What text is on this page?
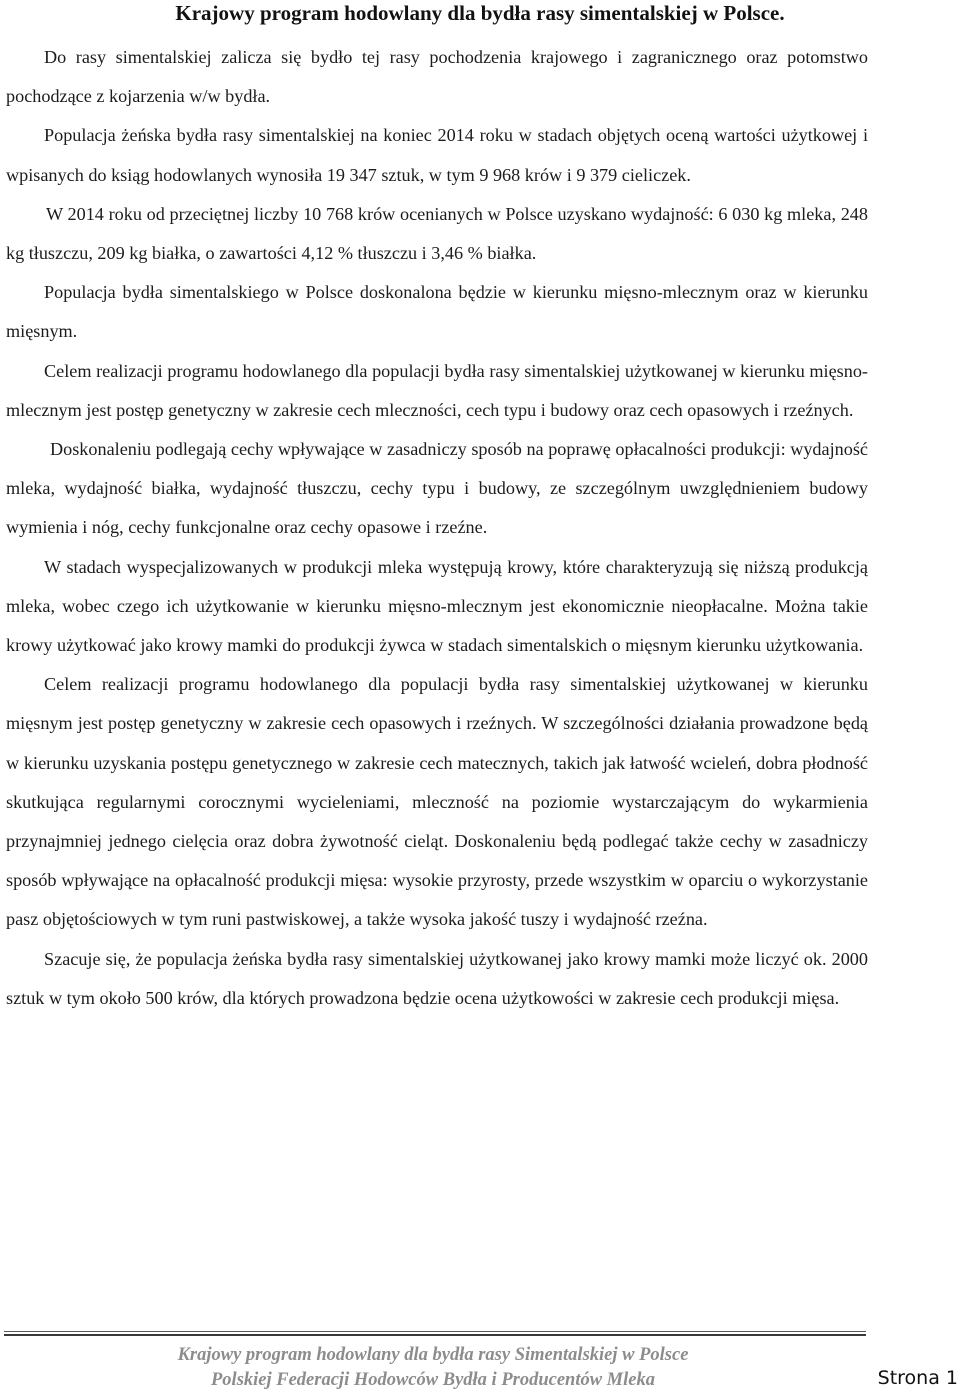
Krajowy program hodowlany dla bydła rasy simentalskiej w Polsce.

Do rasy simentalskiej zalicza się bydło tej rasy pochodzenia krajowego i zagranicznego oraz potomstwo pochodzące z kojarzenia w/w bydła.

Populacja żeńska bydła rasy simentalskiej na koniec 2014 roku w stadach objętych oceną wartości użytkowej i wpisanych do ksiąg hodowlanych wynosiła 19 347 sztuk, w tym 9 968 krów i 9 379 cieliczek.

W 2014 roku od przeciętnej liczby 10 768 krów ocenianych w Polsce uzyskano wydajność: 6 030 kg mleka, 248 kg tłuszczu, 209 kg białka, o zawartości 4,12 % tłuszczu i 3,46 % białka.

Populacja bydła simentalskiego w Polsce doskonalona będzie w kierunku mięsno-mlecznym oraz w kierunku mięsnym.

Celem realizacji programu hodowlanego dla populacji bydła rasy simentalskiej użytkowanej w kierunku mięsno-mlecznym jest postęp genetyczny w zakresie cech mleczności, cech typu i budowy oraz cech opasowych i rzeźnych.

Doskonaleniu podlegają cechy wpływające w zasadniczy sposób na poprawę opłacalności produkcji: wydajność mleka, wydajność białka, wydajność tłuszczu, cechy typu i budowy, ze szczególnym uwzględnieniem budowy wymienia i nóg, cechy funkcjonalne oraz cechy opasowe i rzeźne.

W stadach wyspecjalizowanych w produkcji mleka występują krowy, które charakteryzują się niższą produkcją mleka, wobec czego ich użytkowanie w kierunku mięsno-mlecznym jest ekonomicznie nieopłacalne. Można takie krowy użytkować jako krowy mamki do produkcji żywca w stadach simentalskich o mięsnym kierunku użytkowania.

Celem realizacji programu hodowlanego dla populacji bydła rasy simentalskiej użytkowanej w kierunku mięsnym jest postęp genetyczny w zakresie cech opasowych i rzeźnych. W szczególności działania prowadzone będą w kierunku uzyskania postępu genetycznego w zakresie cech matecznych, takich jak łatwość wcieleń, dobra płodność skutkująca regularnymi corocznymi wycieleniami, mleczność na poziomie wystarczającym do wykarmienia przynajmniej jednego cielęcia oraz dobra żywotność cieląt. Doskonaleniu będą podlegać także cechy w zasadniczy sposób wpływające na opłacalność produkcji mięsa: wysokie przyrosty, przede wszystkim w oparciu o wykorzystanie pasz objętościowych w tym runi pastwiskowej, a także wysoka jakość tuszy i wydajność rzeźna.

Szacuje się, że populacja żeńska bydła rasy simentalskiej użytkowanej jako krowy mamki może liczyć ok. 2000 sztuk w tym około 500 krów, dla których prowadzona będzie ocena użytkowości w zakresie cech produkcji mięsa.

Krajowy program hodowlany dla bydła rasy Simentalskiej w Polsce
Polskiej Federacji Hodowców Bydła i Producentów Mleka	Strona 1
